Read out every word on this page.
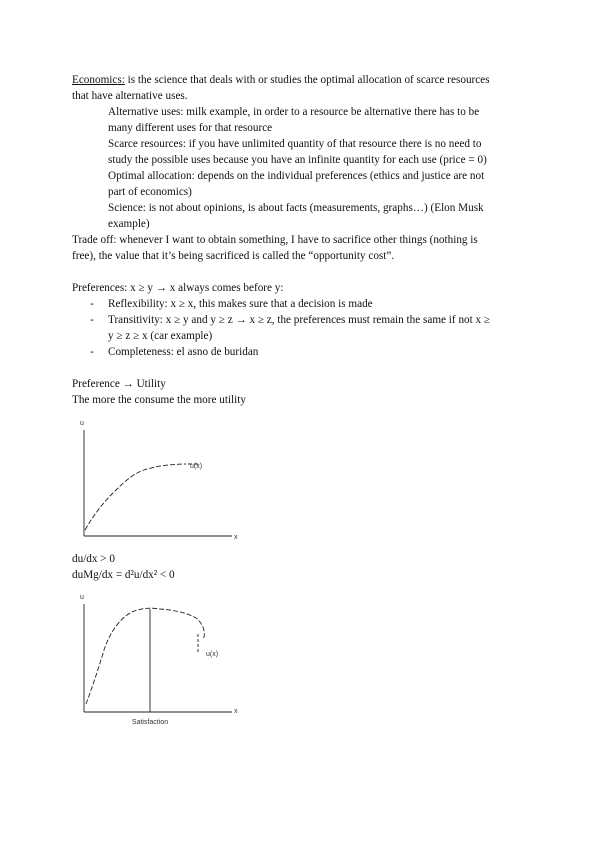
Economics: is the science that deals with or studies the optimal allocation of scarce resources
that have alternative uses.
Alternative uses: milk example, in order to a resource be alternative there has to be
many different uses for that resource
Scarce resources: if you have unlimited quantity of that resource there is no need to
study the possible uses because you have an infinite quantity for each use (price = 0)
Optimal allocation: depends on the individual preferences (ethics and justice are not
part of economics)
Science: is not about opinions, is about facts (measurements, graphs…) (Elon Musk
example)
Trade off: whenever I want to obtain something, I have to sacrifice other things (nothing is
free), the value that it’s being sacrificed is called the “opportunity cost”.
Preferences: x ≥ y → x always comes before y:
- Reflexibility: x ≥ x, this makes sure that a decision is made
- Transitivity: x ≥ y and y ≥ z → x ≥ z, the preferences must remain the same if not x ≥
y ≥ z ≥ x (car example)
- Completeness: el asno de buridan
Preference → Utility
The more the consume the more utility
u
x
u(x)
du/dx > 0
duMg/dx = d²u/dx² < 0
u
x
u(x)
Satisfaction
